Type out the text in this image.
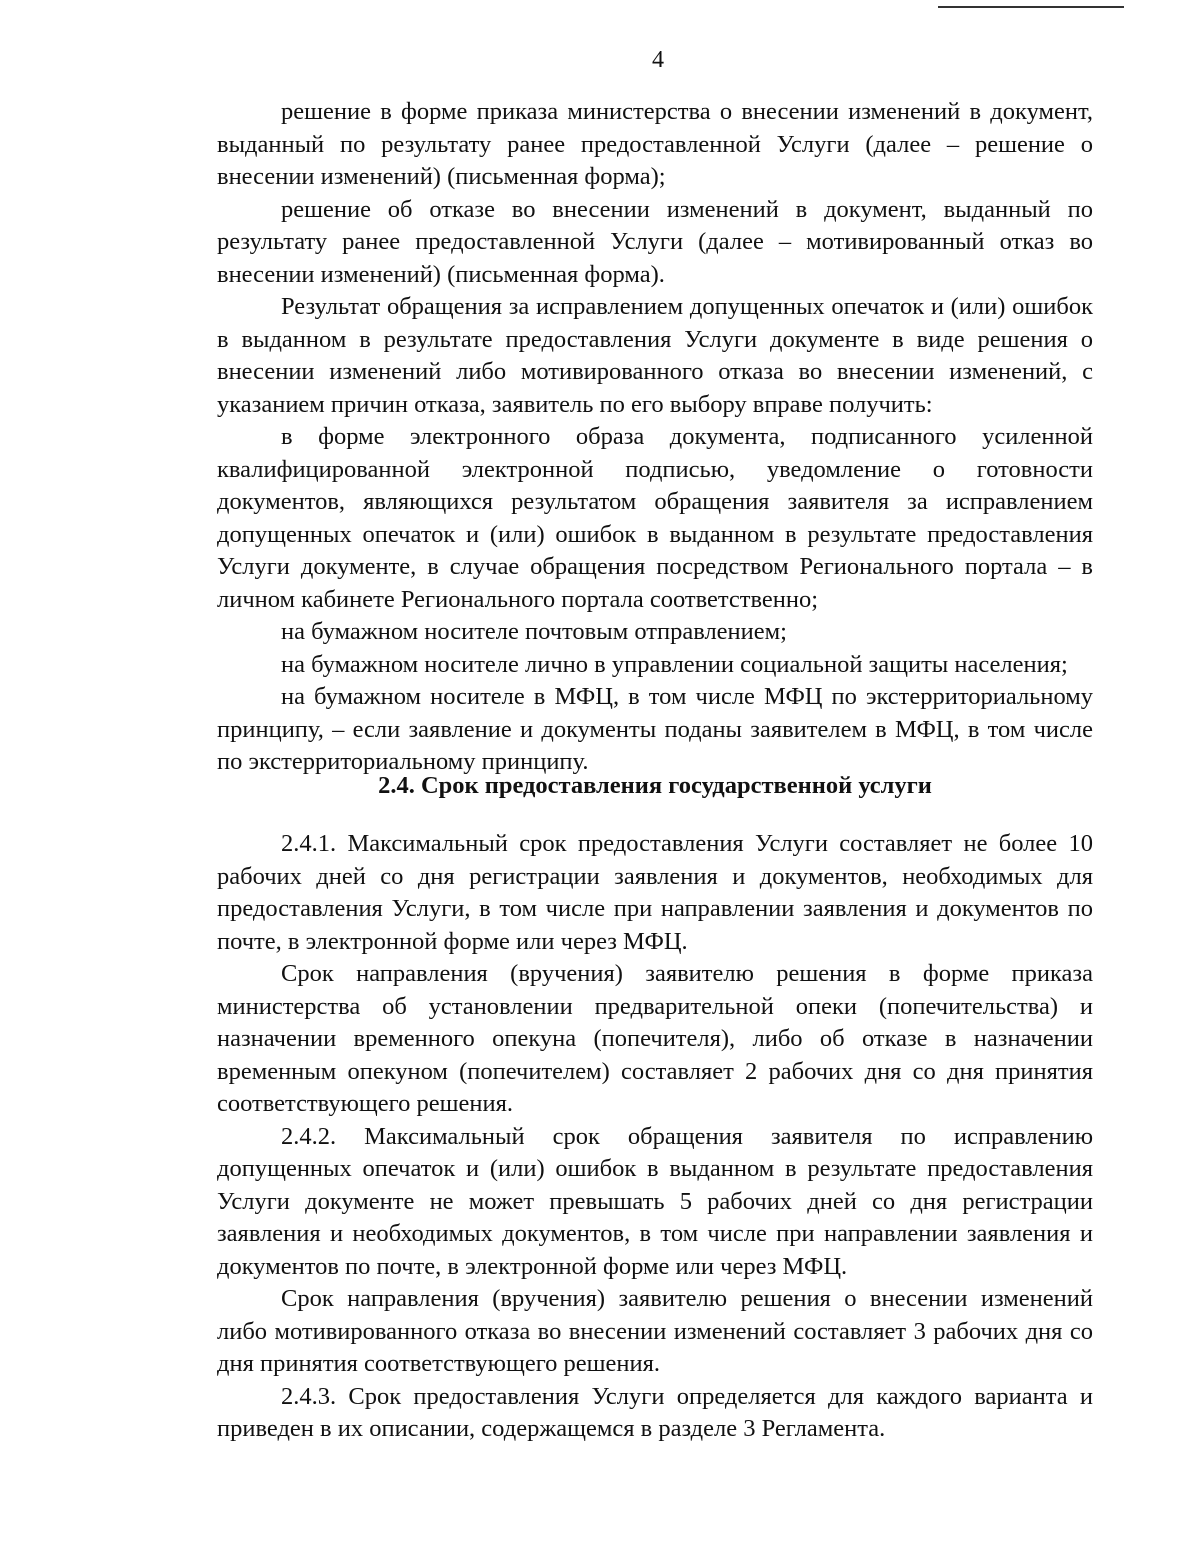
4

решение в форме приказа министерства о внесении изменений в документ, выданный по результату ранее предоставленной Услуги (далее – решение о внесении изменений) (письменная форма);

решение об отказе во внесении изменений в документ, выданный по результату ранее предоставленной Услуги (далее – мотивированный отказ во внесении изменений) (письменная форма).

Результат обращения за исправлением допущенных опечаток и (или) ошибок в выданном в результате предоставления Услуги документе в виде решения о внесении изменений либо мотивированного отказа во внесении изменений, с указанием причин отказа, заявитель по его выбору вправе получить:

в форме электронного образа документа, подписанного усиленной квалифицированной электронной подписью, уведомление о готовности документов, являющихся результатом обращения заявителя за исправлением допущенных опечаток и (или) ошибок в выданном в результате предоставления Услуги документе, в случае обращения посредством Регионального портала – в личном кабинете Регионального портала соответственно;

на бумажном носителе почтовым отправлением;

на бумажном носителе лично в управлении социальной защиты населения;

на бумажном носителе в МФЦ, в том числе МФЦ по экстерриториальному принципу, – если заявление и документы поданы заявителем в МФЦ, в том числе по экстерриториальному принципу.

2.4. Срок предоставления государственной услуги

2.4.1. Максимальный срок предоставления Услуги составляет не более 10 рабочих дней со дня регистрации заявления и документов, необходимых для предоставления Услуги, в том числе при направлении заявления и документов по почте, в электронной форме или через МФЦ.

Срок направления (вручения) заявителю решения в форме приказа министерства об установлении предварительной опеки (попечительства) и назначении временного опекуна (попечителя), либо об отказе в назначении временным опекуном (попечителем) составляет 2 рабочих дня со дня принятия соответствующего решения.

2.4.2. Максимальный срок обращения заявителя по исправлению допущенных опечаток и (или) ошибок в выданном в результате предоставления Услуги документе не может превышать 5 рабочих дней со дня регистрации заявления и необходимых документов, в том числе при направлении заявления и документов по почте, в электронной форме или через МФЦ.

Срок направления (вручения) заявителю решения о внесении изменений либо мотивированного отказа во внесении изменений составляет 3 рабочих дня со дня принятия соответствующего решения.

2.4.3. Срок предоставления Услуги определяется для каждого варианта и приведен в их описании, содержащемся в разделе 3 Регламента.
